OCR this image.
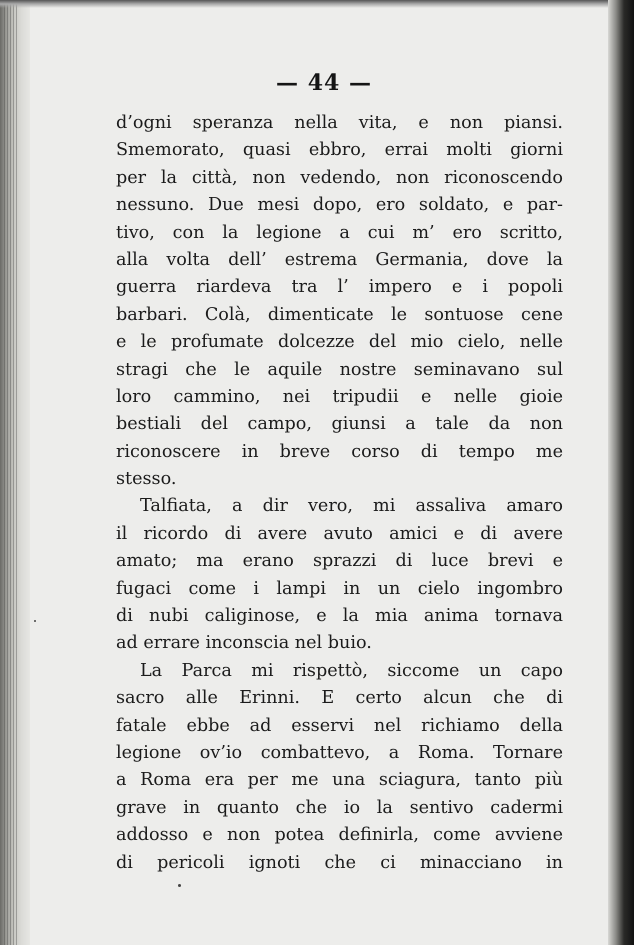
— 44 —
d’ogni speranza nella vita, e non piansi.
Smemorato, quasi ebbro, errai molti giorni
per la città, non vedendo, non riconoscendo
nessuno. Due mesi dopo, ero soldato, e par-
tivo, con la legione a cui m’ ero scritto,
alla volta dell’ estrema Germania, dove la
guerra riardeva tra l’ impero e i popoli
barbari. Colà, dimenticate le sontuose cene
e le profumate dolcezze del mio cielo, nelle
stragi che le aquile nostre seminavano sul
loro cammino, nei tripudii e nelle gioie
bestiali del campo, giunsi a tale da non
riconoscere in breve corso di tempo me
stesso.
Talfiata, a dir vero, mi assaliva amaro
il ricordo di avere avuto amici e di avere
amato; ma erano sprazzi di luce brevi e
fugaci come i lampi in un cielo ingombro
di nubi caliginose, e la mia anima tornava
ad errare inconscia nel buio.
La Parca mi rispettò, siccome un capo
sacro alle Erinni. E certo alcun che di
fatale ebbe ad esservi nel richiamo della
legione ov’io combattevo, a Roma. Tornare
a Roma era per me una sciagura, tanto più
grave in quanto che io la sentivo cadermi
addosso e non potea definirla, come avviene
di pericoli ignoti che ci minacciano in
